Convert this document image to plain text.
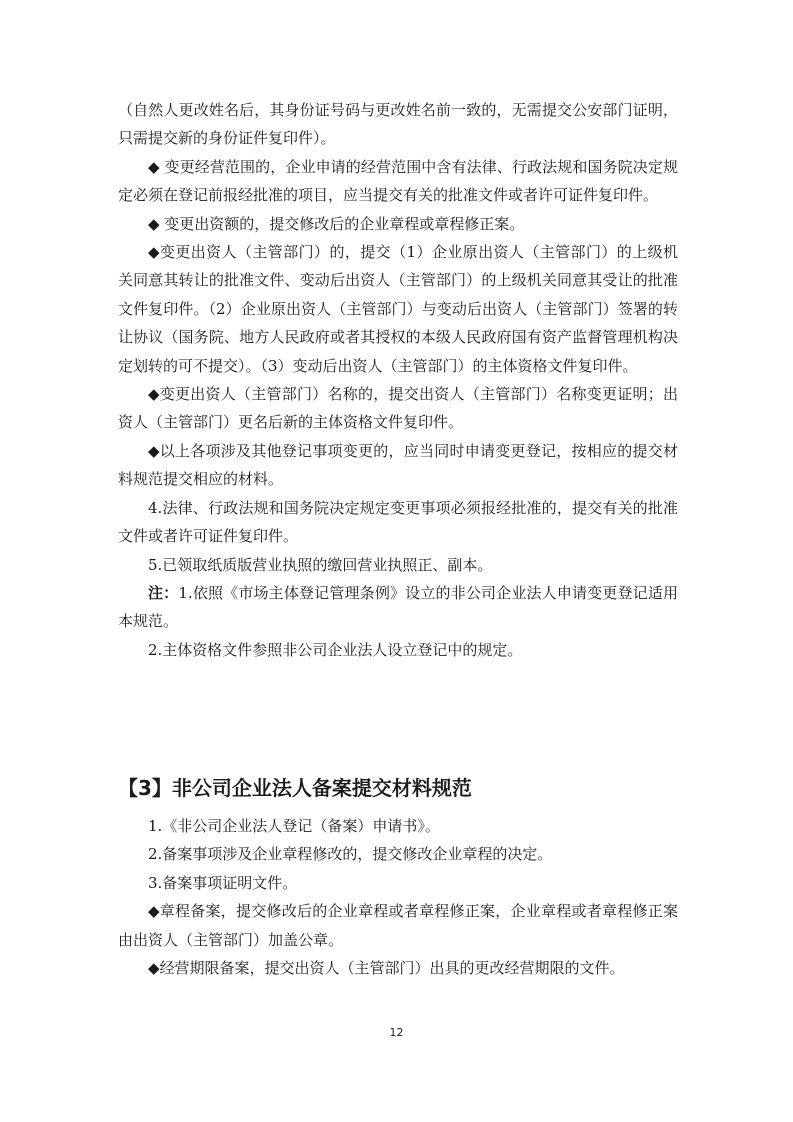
（自然人更改姓名后，其身份证号码与更改姓名前一致的，无需提交公安部门证明，只需提交新的身份证件复印件）。

◆ 变更经营范围的，企业申请的经营范围中含有法律、行政法规和国务院决定规定必须在登记前报经批准的项目，应当提交有关的批准文件或者许可证件复印件。

◆ 变更出资额的，提交修改后的企业章程或章程修正案。

◆变更出资人（主管部门）的，提交（1）企业原出资人（主管部门）的上级机关同意其转让的批准文件、变动后出资人（主管部门）的上级机关同意其受让的批准文件复印件。（2）企业原出资人（主管部门）与变动后出资人（主管部门）签署的转让协议（国务院、地方人民政府或者其授权的本级人民政府国有资产监督管理机构决定划转的可不提交）。（3）变动后出资人（主管部门）的主体资格文件复印件。

◆变更出资人（主管部门）名称的，提交出资人（主管部门）名称变更证明；出资人（主管部门）更名后新的主体资格文件复印件。

◆以上各项涉及其他登记事项变更的，应当同时申请变更登记，按相应的提交材料规范提交相应的材料。

4.法律、行政法规和国务院决定规定变更事项必须报经批准的，提交有关的批准文件或者许可证件复印件。

5.已领取纸质版营业执照的缴回营业执照正、副本。

注：1.依照《市场主体登记管理条例》设立的非公司企业法人申请变更登记适用本规范。

2.主体资格文件参照非公司企业法人设立登记中的规定。

【3】非公司企业法人备案提交材料规范

1.《非公司企业法人登记（备案）申请书》。

2.备案事项涉及企业章程修改的，提交修改企业章程的决定。

3.备案事项证明文件。

◆章程备案，提交修改后的企业章程或者章程修正案，企业章程或者章程修正案由出资人（主管部门）加盖公章。

◆经营期限备案，提交出资人（主管部门）出具的更改经营期限的文件。

12
